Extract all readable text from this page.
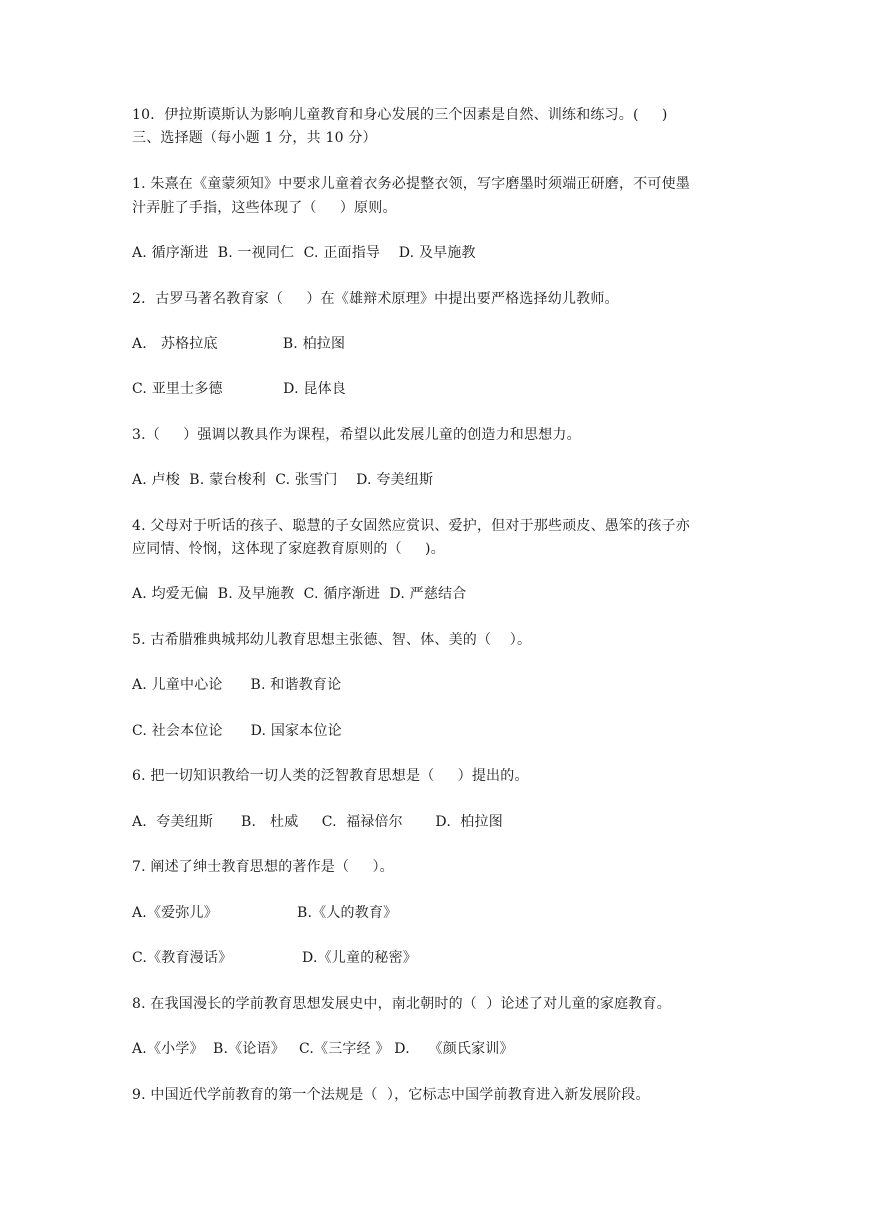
10．伊拉斯谟斯认为影响儿童教育和身心发展的三个因素是自然、训练和练习。(     )
三、选择题（每小题 1 分，共 10 分）
1. 朱熹在《童蒙须知》中要求儿童着衣务必提整衣领，写字磨墨时须端正研磨，不可使墨
汁弄脏了手指，这些体现了（     ）原则。
A. 循序渐进  B. 一视同仁  C. 正面指导    D. 及早施教
2．古罗马著名教育家（     ）在《雄辩术原理》中提出要严格选择幼儿教师。
A.   苏格拉底              B. 柏拉图
C. 亚里士多德             D. 昆体良
3.（     ）强调以教具作为课程，希望以此发展儿童的创造力和思想力。
A. 卢梭  B. 蒙台梭利  C. 张雪门    D. 夸美纽斯
4. 父母对于听话的孩子、聪慧的子女固然应赏识、爱护，但对于那些顽皮、愚笨的孩子亦
应同情、怜悯，这体现了家庭教育原则的（     )。
A. 均爱无偏  B. 及早施教  C. 循序渐进  D. 严慈结合
5. 古希腊雅典城邦幼儿教育思想主张德、智、体、美的（    ）。
A. 儿童中心论      B. 和谐教育论
C. 社会本位论      D. 国家本位论
6. 把一切知识教给一切人类的泛智教育思想是（     ）提出的。
A.  夸美纽斯      B.   杜威     C.  福禄倍尔       D.  柏拉图
7. 阐述了绅士教育思想的著作是（     ）。
A.《爱弥儿》                 B.《人的教育》
C.《教育漫话》               D.《儿童的秘密》
8. 在我国漫长的学前教育思想发展史中，南北朝时的（  ）论述了对儿童的家庭教育。
A.《小学》  B.《论语》   C.《三字经 》 D.    《颜氏家训》
9. 中国近代学前教育的第一个法规是（  ），它标志中国学前教育进入新发展阶段。
